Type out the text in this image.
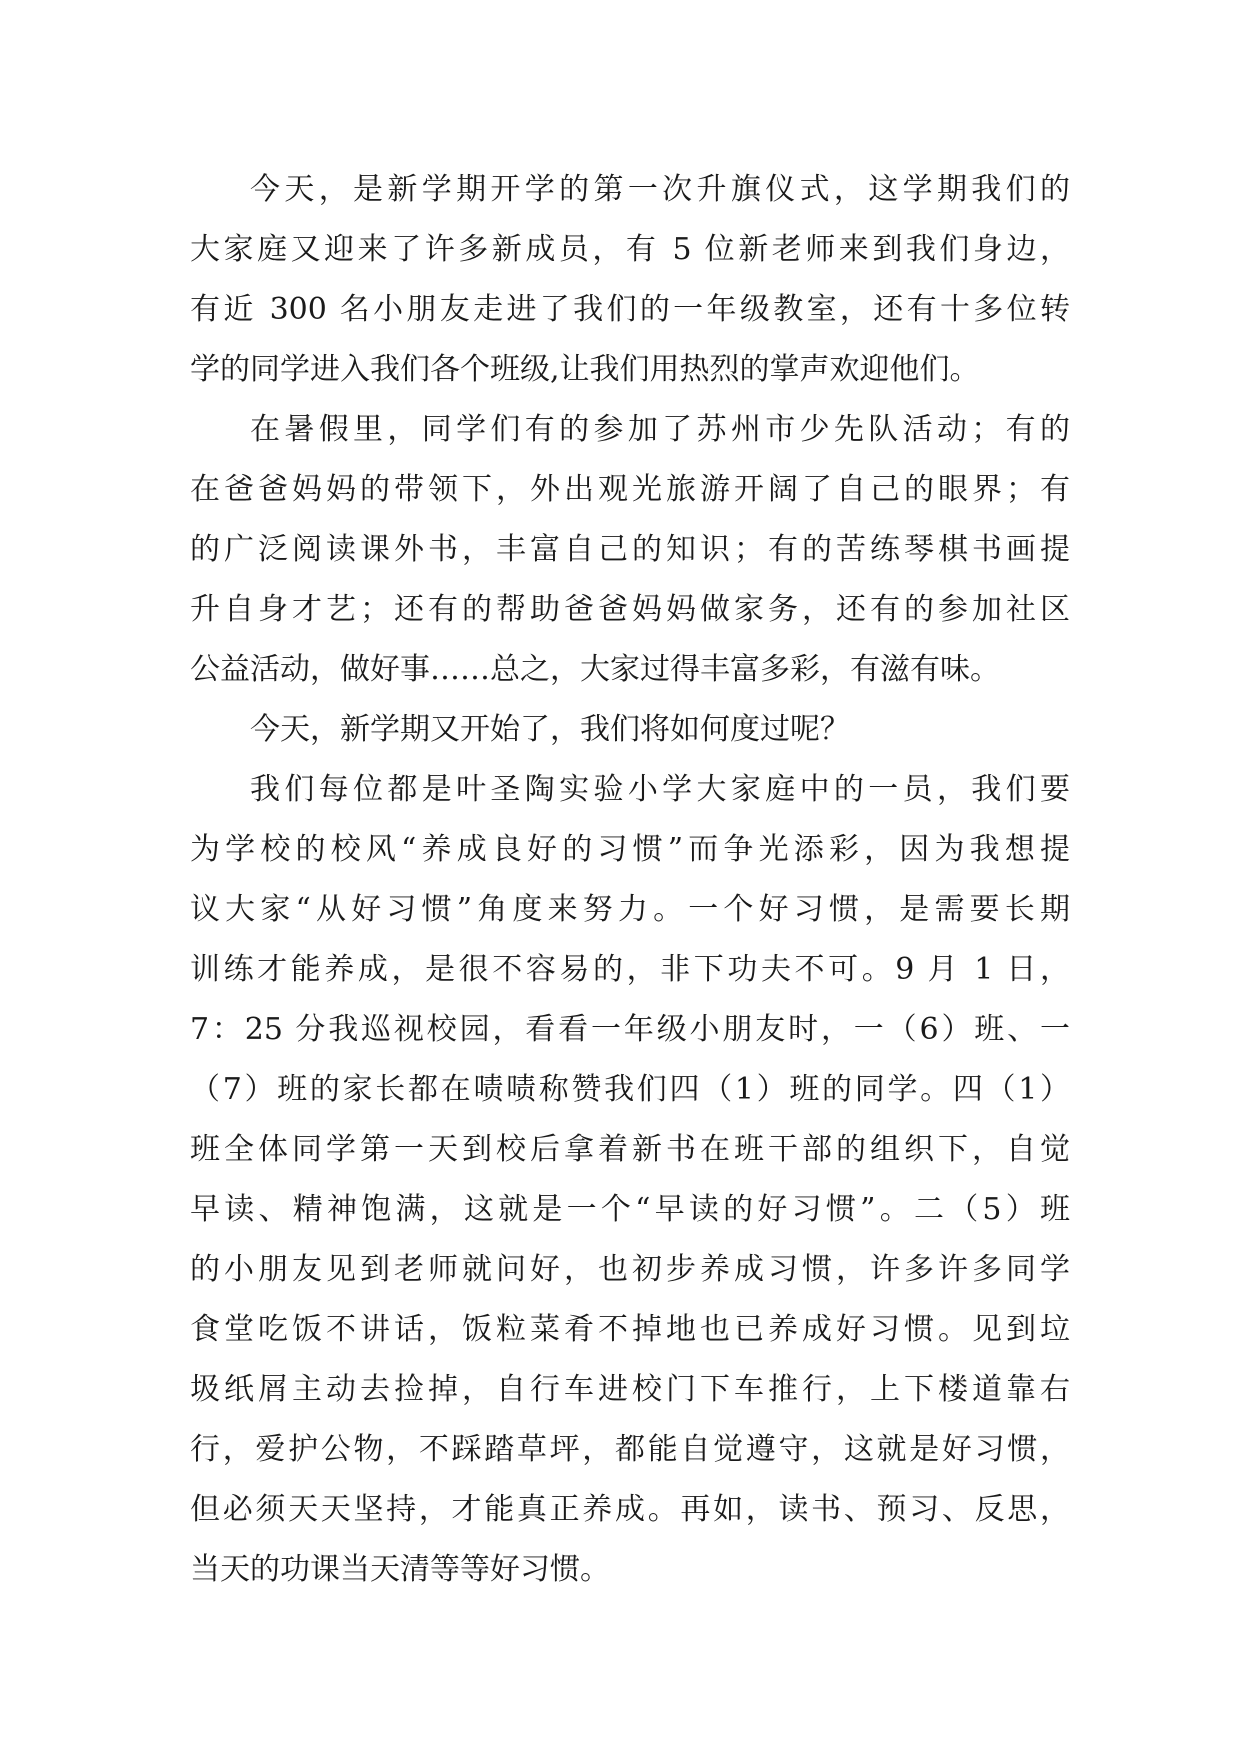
今天，是新学期开学的第一次升旗仪式，这学期我们的
大家庭又迎来了许多新成员，有 5 位新老师来到我们身边，
有近 300 名小朋友走进了我们的一年级教室，还有十多位转
学的同学进入我们各个班级,让我们用热烈的掌声欢迎他们。
在暑假里，同学们有的参加了苏州市少先队活动；有的
在爸爸妈妈的带领下，外出观光旅游开阔了自己的眼界；有
的广泛阅读课外书，丰富自己的知识；有的苦练琴棋书画提
升自身才艺；还有的帮助爸爸妈妈做家务，还有的参加社区
公益活动，做好事……总之，大家过得丰富多彩，有滋有味。
今天，新学期又开始了，我们将如何度过呢？
我们每位都是叶圣陶实验小学大家庭中的一员，我们要
为学校的校风“养成良好的习惯”而争光添彩，因为我想提
议大家“从好习惯”角度来努力。一个好习惯，是需要长期
训练才能养成，是很不容易的，非下功夫不可。9 月 1 日，
7：25 分我巡视校园，看看一年级小朋友时，一（6）班、一
（7）班的家长都在啧啧称赞我们四（1）班的同学。四（1）
班全体同学第一天到校后拿着新书在班干部的组织下，自觉
早读、精神饱满，这就是一个“早读的好习惯”。二（5）班
的小朋友见到老师就问好，也初步养成习惯，许多许多同学
食堂吃饭不讲话，饭粒菜肴不掉地也已养成好习惯。见到垃
圾纸屑主动去捡掉，自行车进校门下车推行，上下楼道靠右
行，爱护公物，不踩踏草坪，都能自觉遵守，这就是好习惯，
但必须天天坚持，才能真正养成。再如，读书、预习、反思，
当天的功课当天清等等好习惯。
